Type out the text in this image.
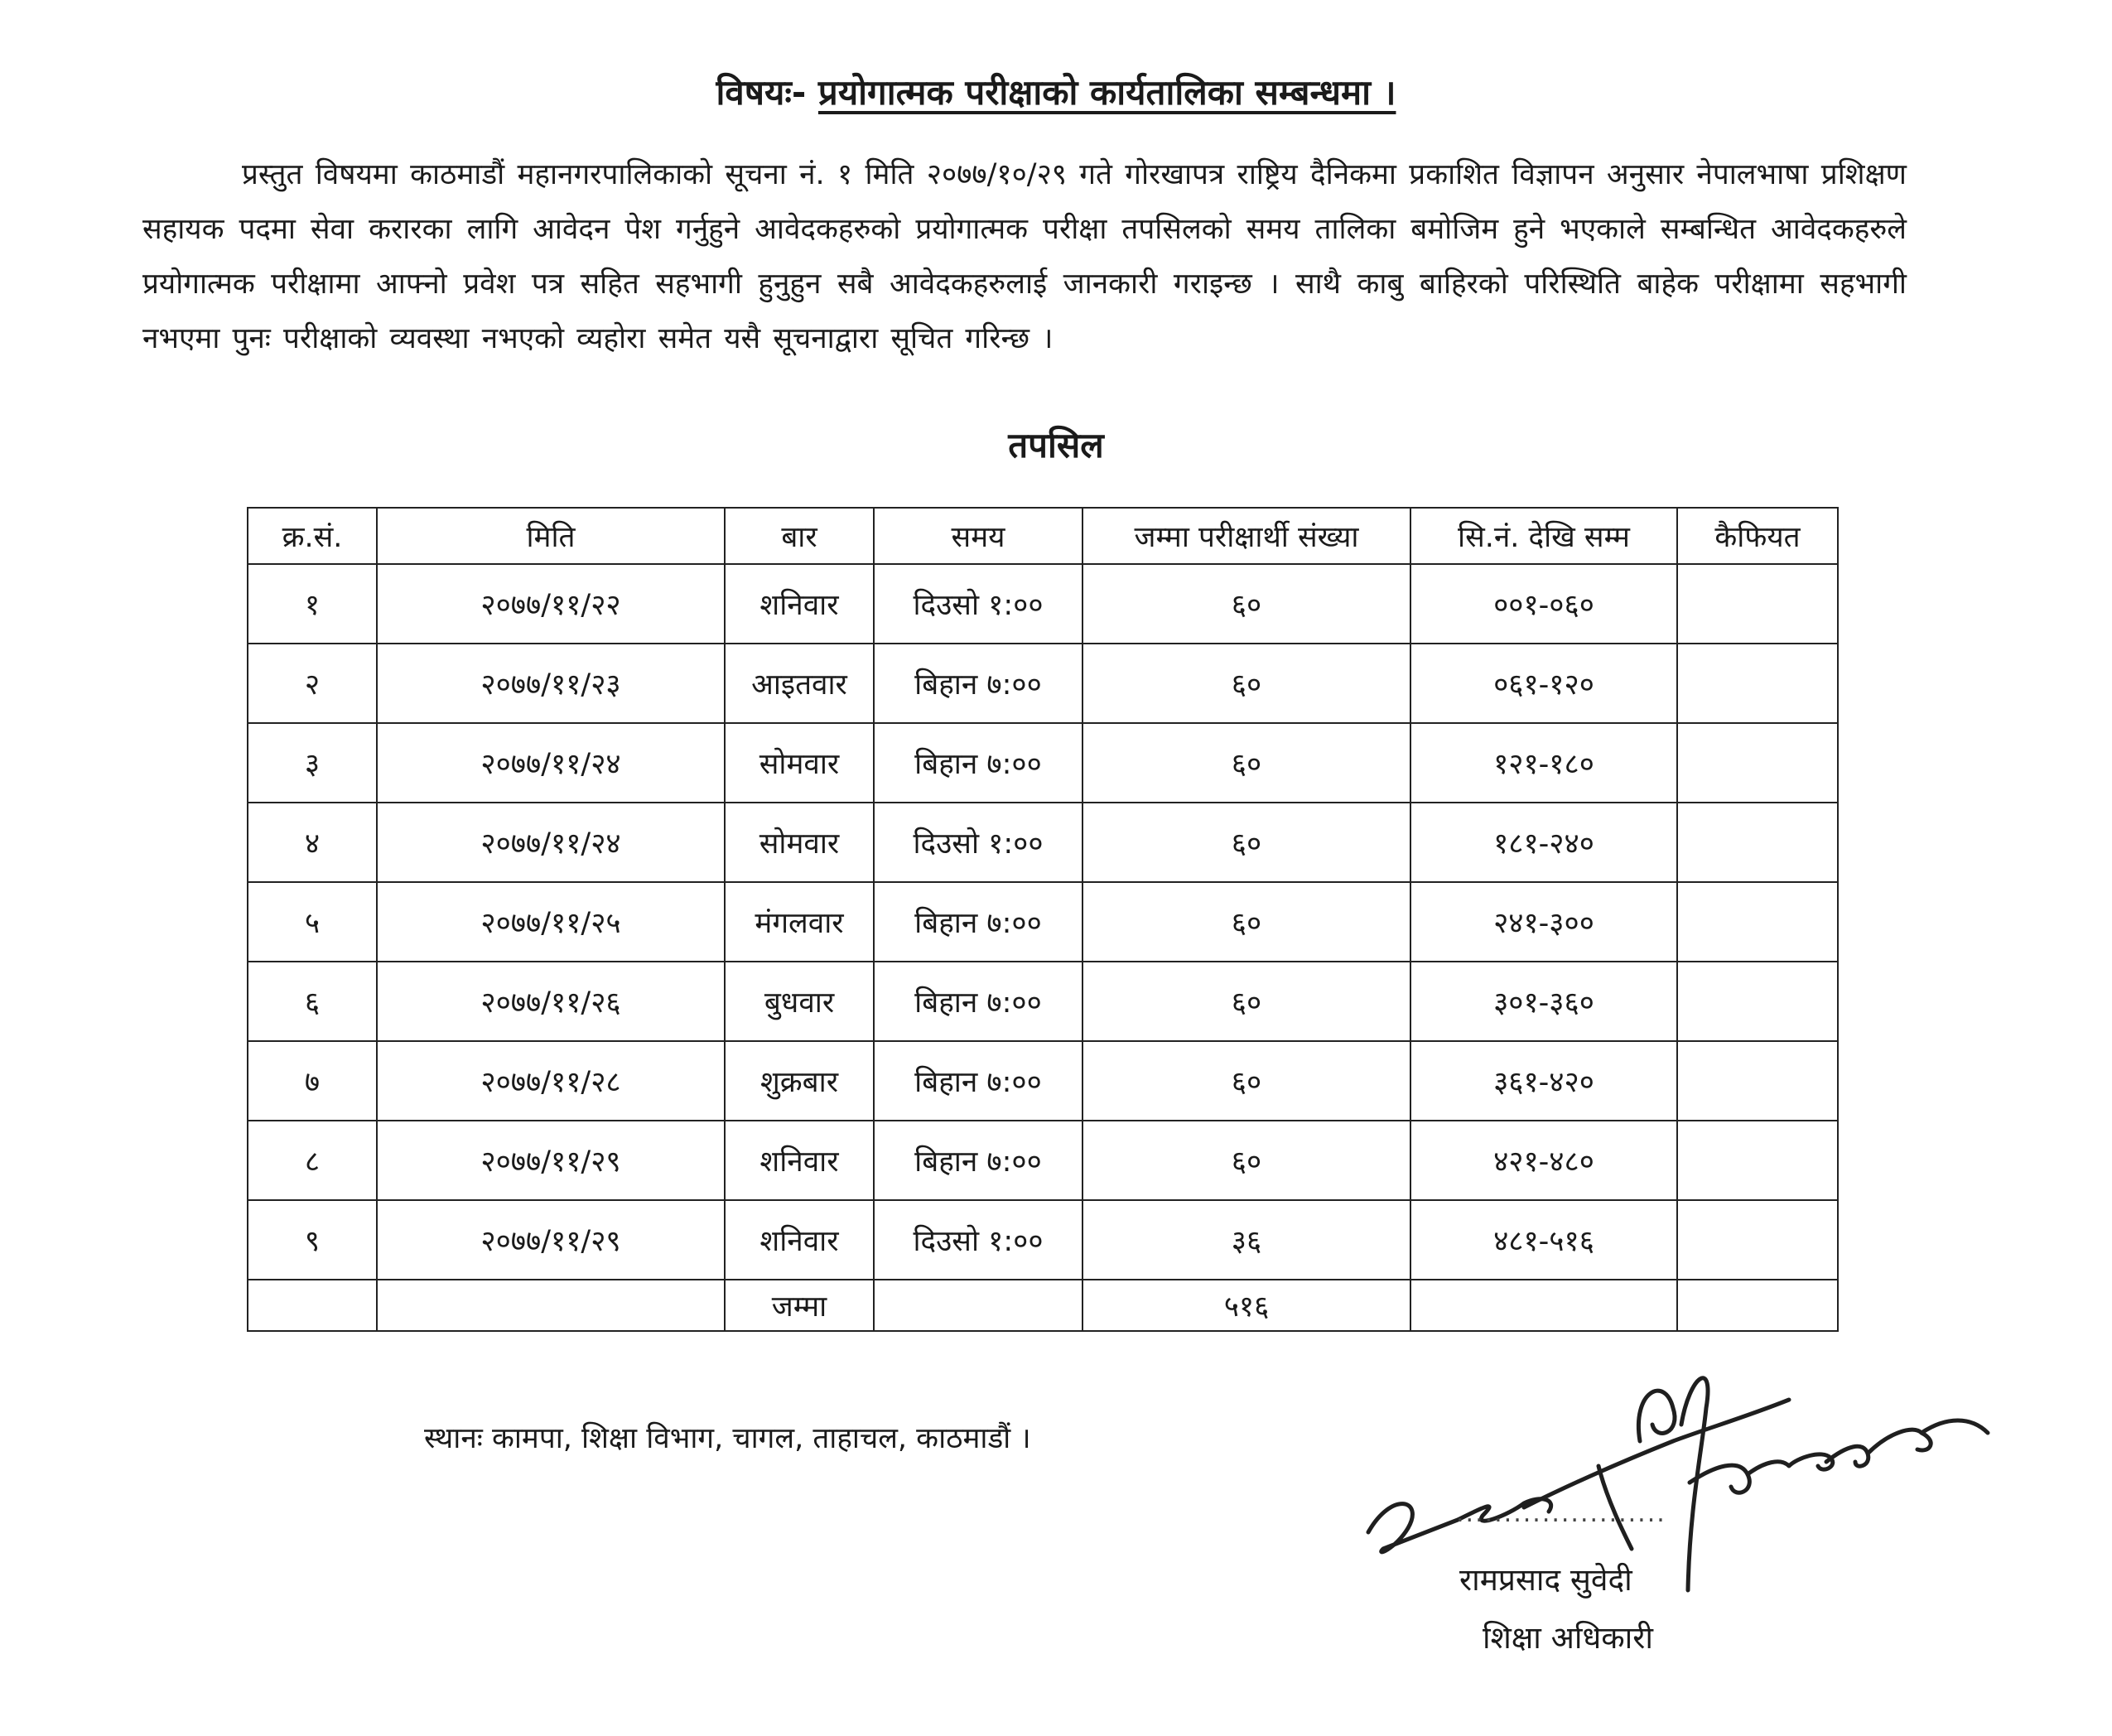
विषयः- प्रयोगात्मक परीक्षाको कार्यतालिका सम्बन्धमा ।
प्रस्तुत विषयमा काठमाडौं महानगरपालिकाको सूचना नं. १ मिति २०७७/१०/२९ गते गोरखापत्र राष्ट्रिय दैनिकमा प्रकाशित विज्ञापन अनुसार नेपालभाषा प्रशिक्षण सहायक पदमा सेवा करारका लागि आवेदन पेश गर्नुहुने आवेदकहरुको प्रयोगात्मक परीक्षा तपसिलको समय तालिका बमोजिम हुने भएकाले सम्बन्धित आवेदकहरुले प्रयोगात्मक परीक्षामा आफ्नो प्रवेश पत्र सहित सहभागी हुनुहुन सबै आवेदकहरुलाई जानकारी गराइन्छ । साथै काबु बाहिरको परिस्थिति बाहेक परीक्षामा सहभागी नभएमा पुनः परीक्षाको व्यवस्था नभएको व्यहोरा समेत यसै सूचनाद्वारा सूचित गरिन्छ ।
तपसिल
क्र.सं.	मिति	बार	समय	जम्मा परीक्षार्थी संख्या	सि.नं. देखि सम्म	कैफियत
१	२०७७/११/२२	शनिवार	दिउसो १:००	६०	००१-०६०	
२	२०७७/११/२३	आइतवार	बिहान ७:००	६०	०६१-१२०	
३	२०७७/११/२४	सोमवार	बिहान ७:००	६०	१२१-१८०	
४	२०७७/११/२४	सोमवार	दिउसो १:००	६०	१८१-२४०	
५	२०७७/११/२५	मंगलवार	बिहान ७:००	६०	२४१-३००	
६	२०७७/११/२६	बुधवार	बिहान ७:००	६०	३०१-३६०	
७	२०७७/११/२८	शुक्रबार	बिहान ७:००	६०	३६१-४२०	
८	२०७७/११/२९	शनिवार	बिहान ७:००	६०	४२१-४८०	
९	२०७७/११/२९	शनिवार	दिउसो १:००	३६	४८१-५१६	
		जम्मा		५१६		
स्थानः कामपा, शिक्षा विभाग, चागल, ताहाचल, काठमाडौं ।
......................
रामप्रसाद सुवेदी
शिक्षा अधिकारी
